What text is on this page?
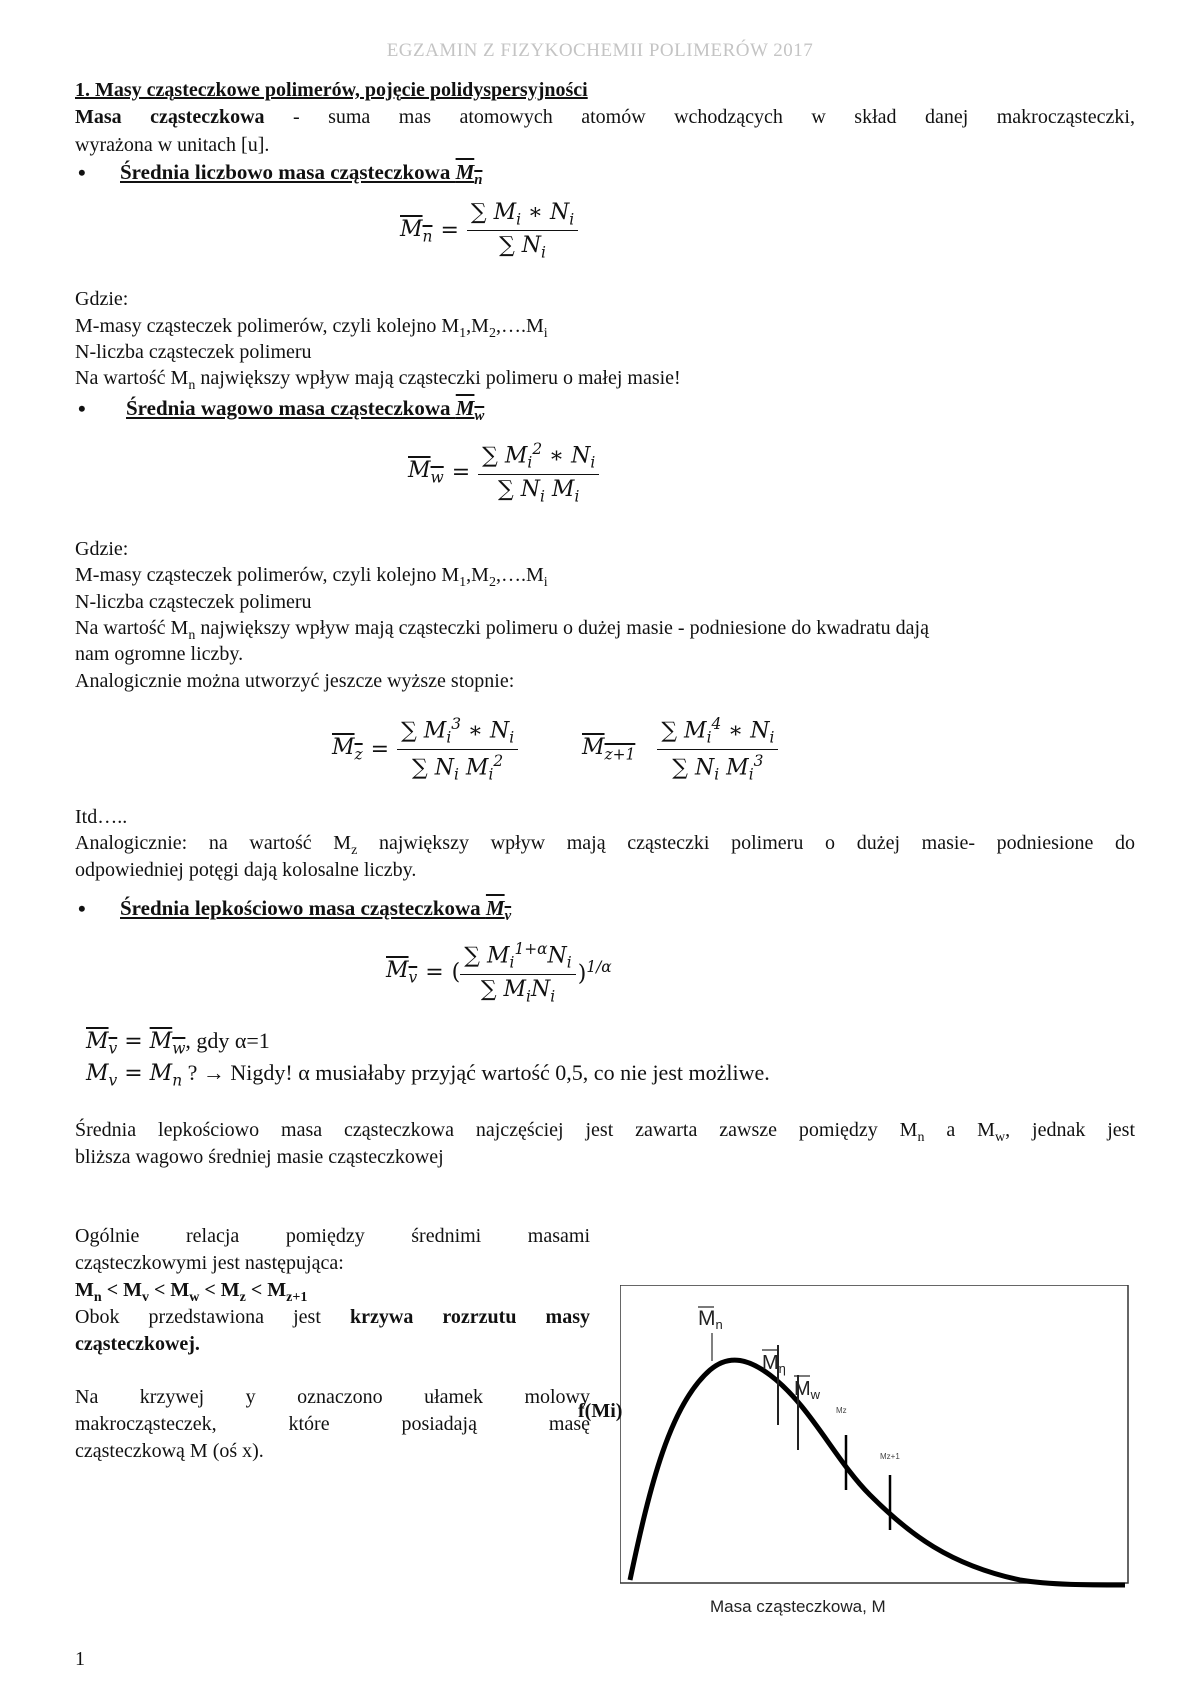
EGZAMIN Z FIZYKOCHEMII POLIMERÓW 2017
1. Masy cząsteczkowe polimerów, pojęcie polidyspersyjności
Masa cząsteczkowa - suma mas atomowych atomów wchodzących w skład danej makrocząsteczki,
wyrażona w unitach [u].
• Średnia liczbowo masa cząsteczkowa $M_n$
$M_n = \frac{\sum M_i ∗ N_i}{\sum N_i}$
Gdzie:
M-masy cząsteczek polimerów, czyli kolejno $M_1,M_2,\dots.M_i$
N-liczba cząsteczek polimeru
Na wartość $M_n$ największy wpływ mają cząsteczki polimeru o małej masie!
• Średnia wagowo masa cząsteczkowa $M_w$
$M_w = \frac{\sum M_i^2 ∗ N_i}{\sum N_i M_i}$
Gdzie:
M-masy cząsteczek polimerów, czyli kolejno $M_1,M_2,\dots.M_i$
N-liczba cząsteczek polimeru
Na wartość $M_n$ największy wpływ mają cząsteczki polimeru o dużej masie - podniesione do kwadratu dają
nam ogromne liczby.
Analogicznie można utworzyć jeszcze wyższe stopnie:
$M_z = \frac{\sum M_i^3 ∗ N_i}{\sum N_i M_i^2}$	$M_{z+1} \frac{\sum M_i^4 ∗ N_i}{\sum N_i M_i^3}$
Itd…..
Analogicznie: na wartość $M_z$ największy wpływ mają cząsteczki polimeru o dużej masie- podniesione do
odpowiedniej potęgi dają kolosalne liczby.
• Średnia lepkościowo masa cząsteczkowa $M_v$
$M_v$ = ( $\frac{\sum M_i^{1+\alpha}N_i}{\sum M_iN_i} )^{1/\alpha}$
$M_v = M_w$, gdy α=1
$M_v = M_n$ ? → Nigdy! α musiałaby przyjąć wartość 0,5, co nie jest możliwe.
Średnia lepkościowo masa cząsteczkowa najczęściej jest zawarta zawsze pomiędzy $M_n$ a $M_w$, jednak jest
bliższa wagowo średniej masie cząsteczkowej
Ogólnie relacja pomiędzy średnimi masami
cząsteczkowymi jest następująca:
$M_n < M_v < M_w < M_z < M_{z+1}$
Obok przedstawiona jest krzywa rozrzutu masy
cząsteczkowej.
Na krzywej y oznaczono ułamek molowy
makrocząsteczek, które posiadają masę
cząsteczkową M (oś x).
Mn
$M_\eta$
$M_w$
Mz
Mz+1
Masa cząsteczkowa, M
f(Mi)
1
